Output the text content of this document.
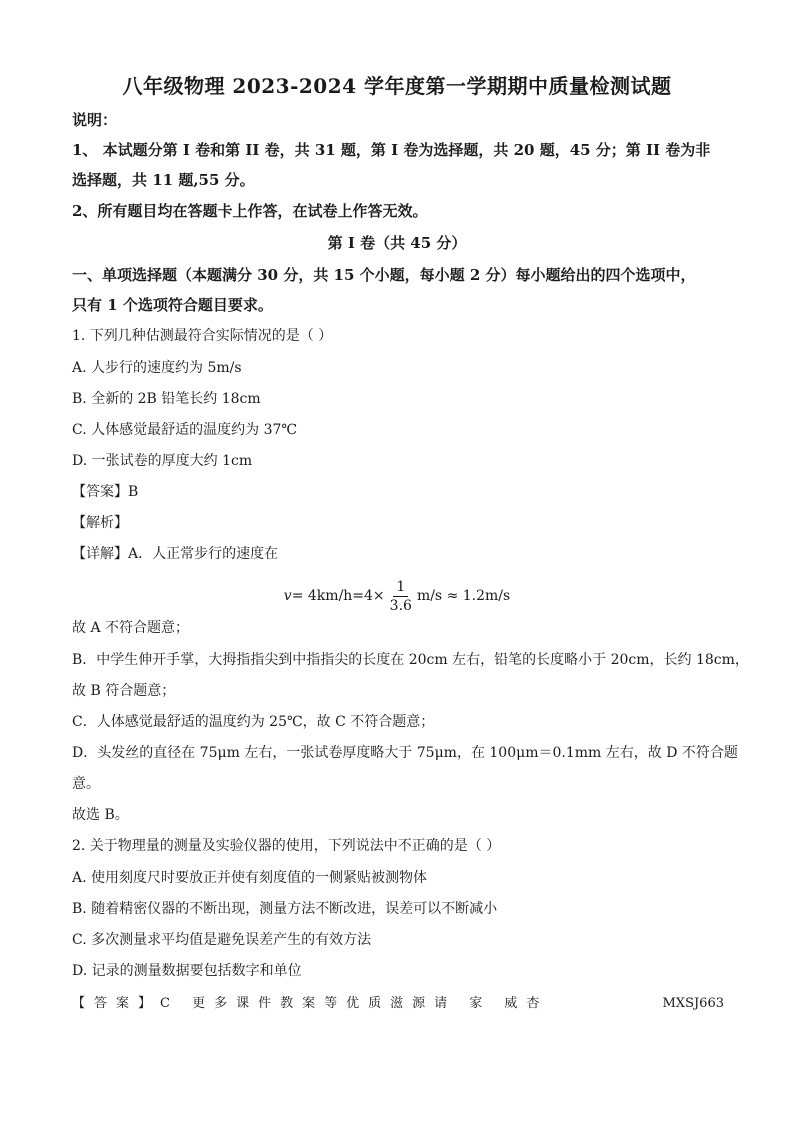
八年级物理 2023-2024 学年度第一学期期中质量检测试题
说明：
1、 本试题分第 I 卷和第 II 卷，共 31 题，第 I 卷为选择题，共 20 题，45 分；第 II 卷为非
选择题，共 11 题,55 分。
2、所有题目均在答题卡上作答，在试卷上作答无效。
第 I 卷（共 45 分）
一、单项选择题（本题满分 30 分，共 15 个小题，每小题 2 分）每小题给出的四个选项中，
只有 1 个选项符合题目要求。
1. 下列几种估测最符合实际情况的是（ ）
A. 人步行的速度约为 5m/s
B. 全新的 2B 铅笔长约 18cm
C. 人体感觉最舒适的温度约为 37℃
D. 一张试卷的厚度大约 1cm
【答案】B
【解析】
【详解】A．人正常步行的速度在
$v = 4km/h=4\times \frac{1}{3.6} m/s \approx 1.2m/s$
故 A 不符合题意；
B．中学生伸开手掌，大拇指指尖到中指指尖的长度在 20cm 左右，铅笔的长度略小于 20cm，长约 18cm，
故 B 符合题意；
C．人体感觉最舒适的温度约为 25℃，故 C 不符合题意；
D．头发丝的直径在 75μm 左右，一张试卷厚度略大于 75μm，在 100μm＝0.1mm 左右，故 D 不符合题
意。
故选 B。
2. 关于物理量的测量及实验仪器的使用，下列说法中不正确的是（ ）
A. 使用刻度尺时要放正并使有刻度值的一侧紧贴被测物体
B. 随着精密仪器的不断出现，测量方法不断改进，误差可以不断减小
C. 多次测量求平均值是避免误差产生的有效方法
D. 记录的测量数据要包括数字和单位
【答案】C 更多课件教案等优质滋源请 家 威杏	MXSJ663
